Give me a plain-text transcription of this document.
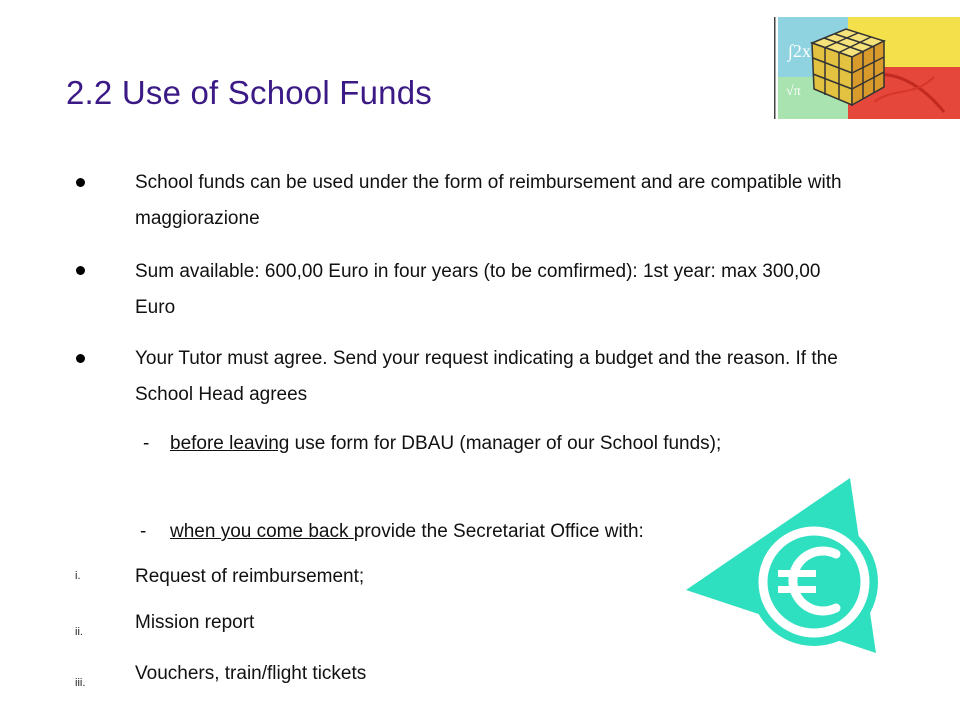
∫2x
√π
2.2 Use of School Funds
School funds can be used under the form of reimbursement and are compatible with maggiorazione
Sum available: 600,00 Euro in four years (to be comfirmed): 1st year: max 300,00 Euro
Your Tutor must agree. Send your request indicating a budget and the reason. If the School Head agrees
- before leaving use form for DBAU (manager of our School funds);
- when you come back provide the Secretariat Office with:
i.	Request of reimbursement;
ii.	Mission report
iii.	Vouchers, train/flight tickets
